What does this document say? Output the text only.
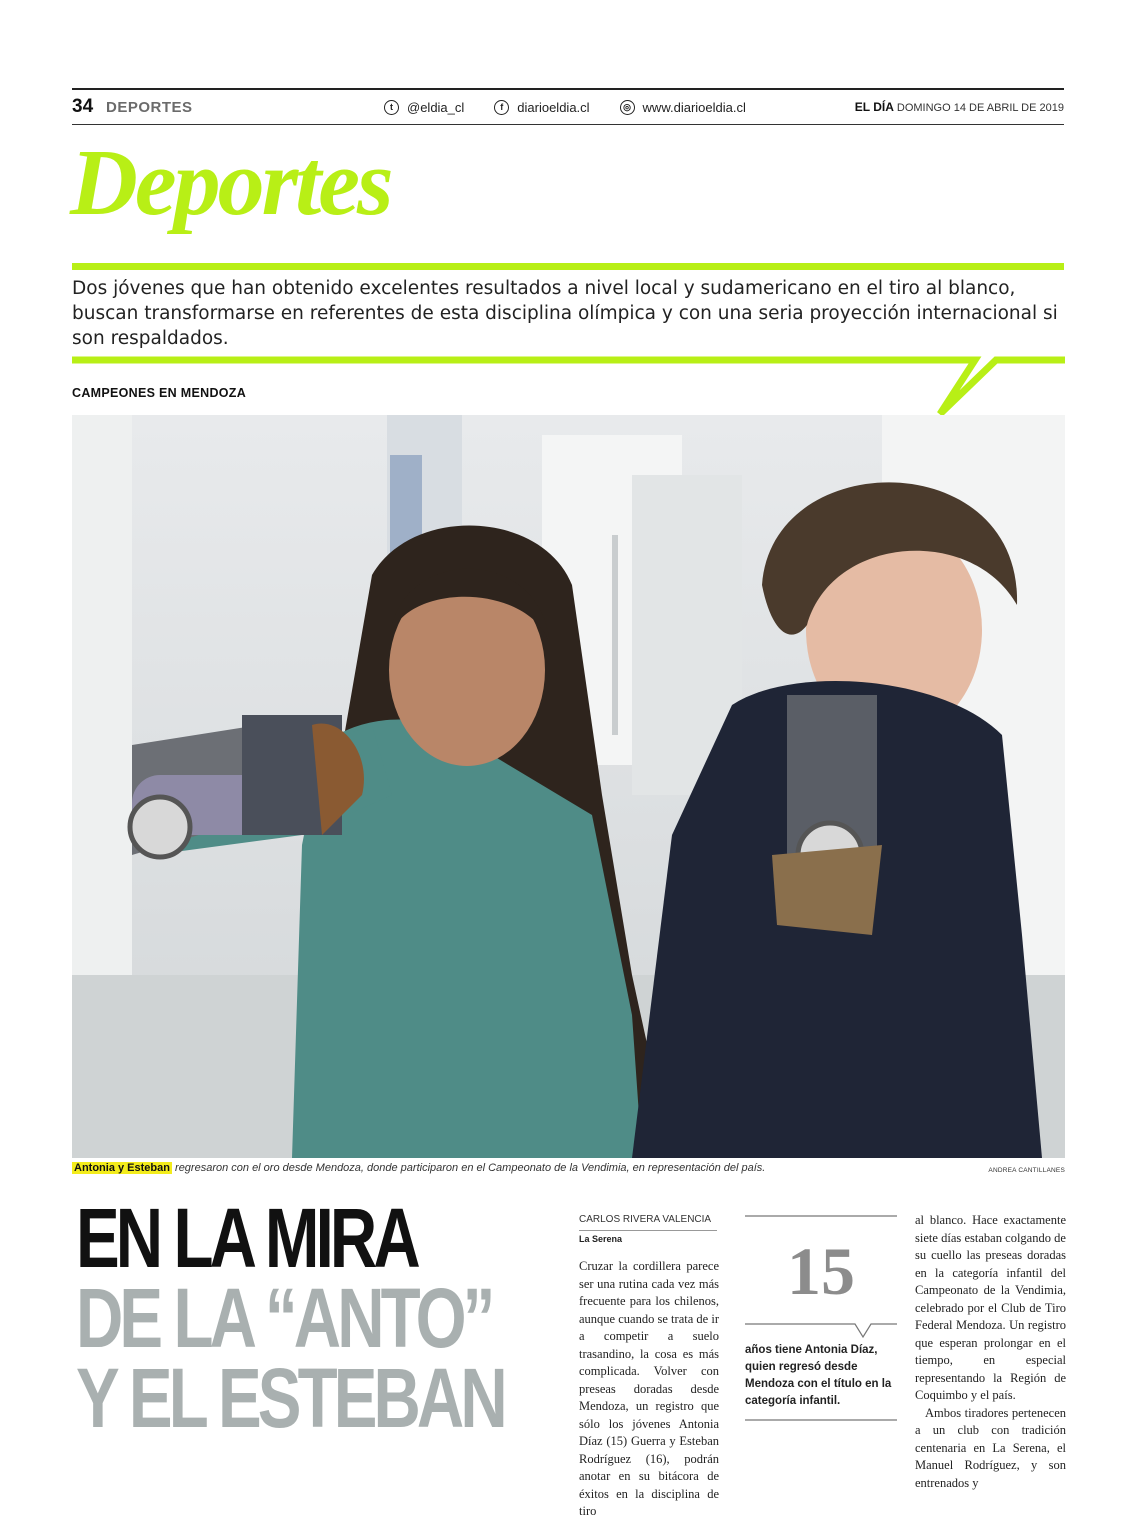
34 DEPORTES	t	@eldia_cl	f	diarioeldia.cl	◎ www.diarioeldia.cl	EL DÍA DOMINGO 14 DE ABRIL DE 2019
Deportes

Dos jóvenes que han obtenido excelentes resultados a nivel local y sudamericano en el tiro al blanco, buscan transformarse en referentes de esta disciplina olímpica y con una seria proyección internacional si son respaldados.

CAMPEONES EN MENDOZA

Antonia y Esteban regresaron con el oro desde Mendoza, donde participaron en el Campeonato de la Vendimia, en representación del país.	ANDREA CANTILLANES
EN LA MIRA
DE LA “ANTO”
Y EL ESTEBAN
CARLOS RIVERA VALENCIA
La Serena

Cruzar la cordillera parece ser una rutina cada vez más frecuente para los chilenos, aunque cuando se trata de ir a competir a suelo trasandino, la cosa es más complicada. Volver con preseas doradas desde Mendoza, un registro que sólo los jóvenes Antonia Díaz (15) Guerra y Esteban Rodríguez (16), podrán anotar en su bitácora de éxitos en la disciplina de tiro

15

años tiene Antonia Díaz, quien regresó desde Mendoza con el título en la categoría infantil.

al blanco. Hace exactamente siete días estaban colgando de su cuello las preseas doradas en la categoría infantil del Campeonato de la Vendimia, celebrado por el Club de Tiro Federal Mendoza. Un registro que esperan prolongar en el tiempo, en especial representando la Región de Coquimbo y el país.

Ambos tiradores pertenecen a un club con tradición centenaria en La Serena, el Manuel Rodríguez, y son entrenados y
